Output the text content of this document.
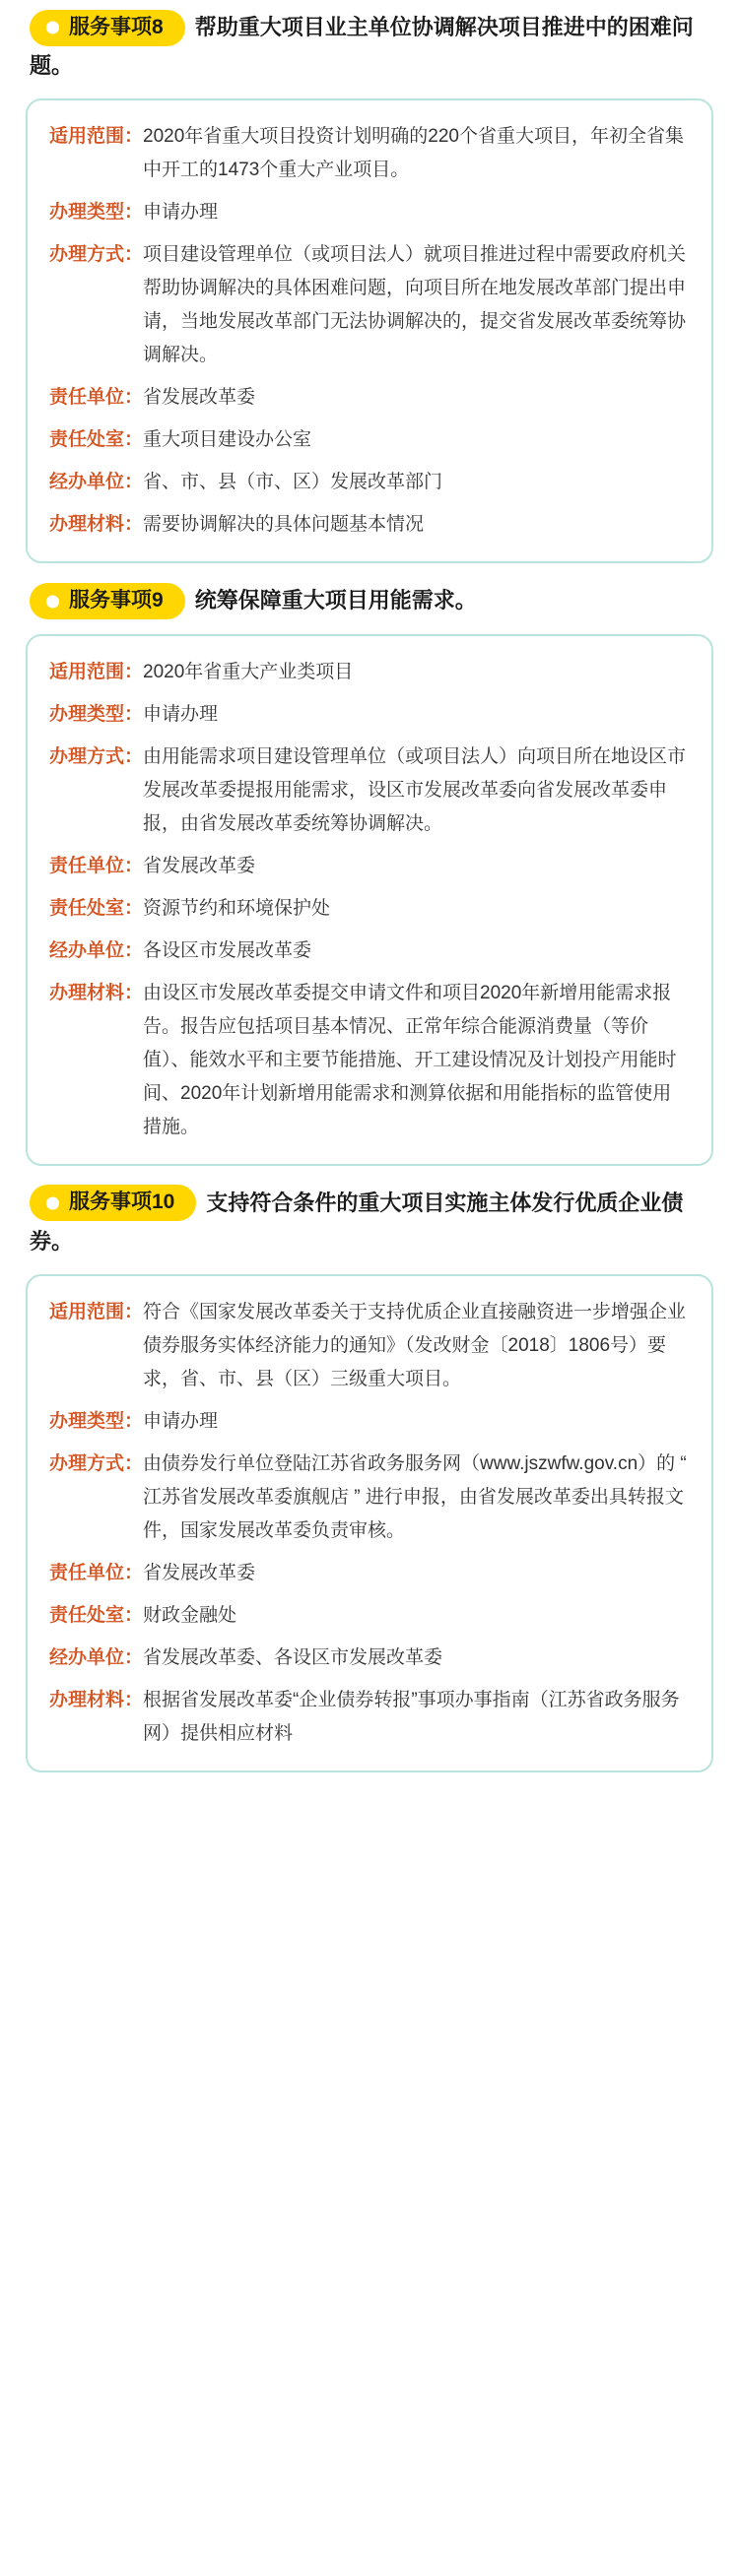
服务事项8 帮助重大项目业主单位协调解决项目推进中的困难问题。
适用范围： 2020年省重大项目投资计划明确的220个省重大项目，年初全省集中开工的1473个重大产业项目。
办理类型： 申请办理
办理方式： 项目建设管理单位（或项目法人）就项目推进过程中需要政府机关帮助协调解决的具体困难问题，向项目所在地发展改革部门提出申请，当地发展改革部门无法协调解决的，提交省发展改革委统筹协调解决。
责任单位： 省发展改革委
责任处室： 重大项目建设办公室
经办单位： 省、市、县（市、区）发展改革部门
办理材料： 需要协调解决的具体问题基本情况
服务事项9 统筹保障重大项目用能需求。
适用范围： 2020年省重大产业类项目
办理类型： 申请办理
办理方式： 由用能需求项目建设管理单位（或项目法人）向项目所在地设区市发展改革委提报用能需求，设区市发展改革委向省发展改革委申报，由省发展改革委统筹协调解决。
责任单位： 省发展改革委
责任处室： 资源节约和环境保护处
经办单位： 各设区市发展改革委
办理材料： 由设区市发展改革委提交申请文件和项目2020年新增用能需求报告。报告应包括项目基本情况、正常年综合能源消费量（等价值）、能效水平和主要节能措施、开工建设情况及计划投产用能时间、2020年计划新增用能需求和测算依据和用能指标的监管使用措施。
服务事项10 支持符合条件的重大项目实施主体发行优质企业债券。
适用范围： 符合《国家发展改革委关于支持优质企业直接融资进一步增强企业债券服务实体经济能力的通知》（发改财金〔2018〕1806号）要求，省、市、县（区）三级重大项目。
办理类型： 申请办理
办理方式： 由债券发行单位登陆江苏省政务服务网（www.jszwfw.gov.cn）的 “ 江苏省发展改革委旗舰店 ” 进行申报，由省发展改革委出具转报文件，国家发展改革委负责审核。
责任单位： 省发展改革委
责任处室： 财政金融处
经办单位： 省发展改革委、各设区市发展改革委
办理材料： 根据省发展改革委“企业债券转报”事项办事指南（江苏省政务服务网）提供相应材料
